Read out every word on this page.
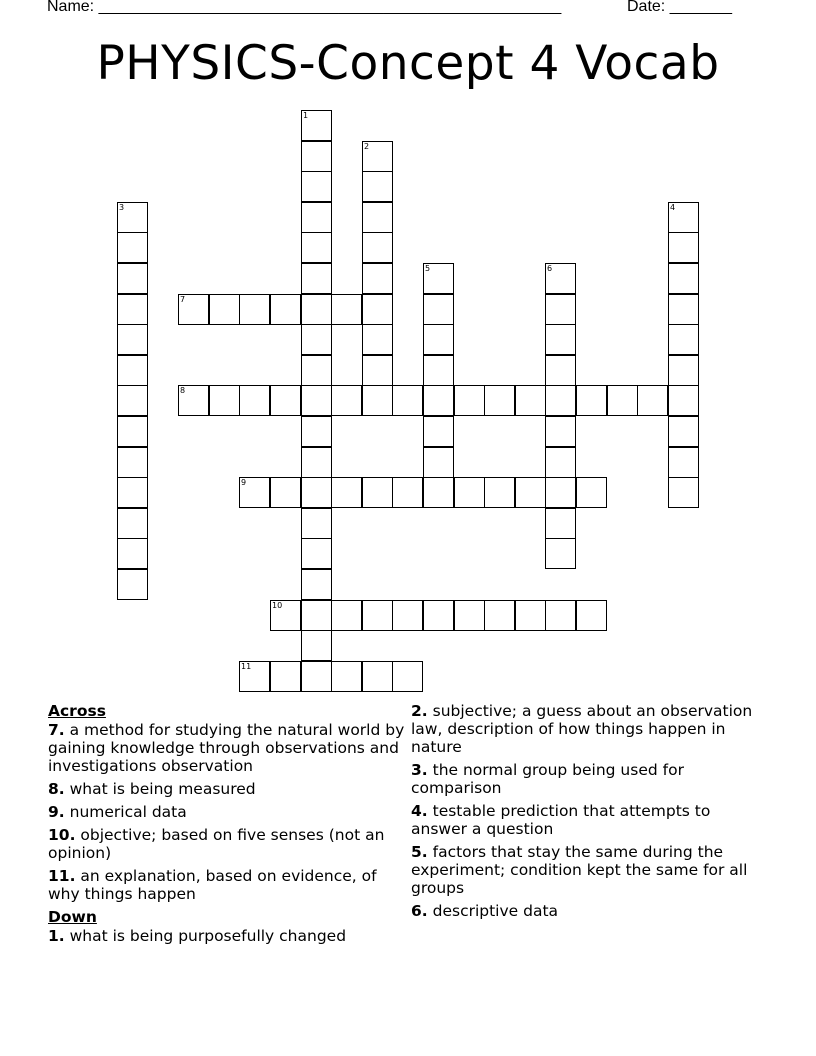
Name: ____________________________________________________	Date: _______
PHYSICS-Concept 4 Vocab
1
2
3	4
5	6
7
8
9
10
11
Across
7. a method for studying the natural world by gaining knowledge through observations and investigations observation
8. what is being measured
9. numerical data
10. objective; based on five senses (not an opinion)
11. an explanation, based on evidence, of why things happen
Down
1. what is being purposefully changed
2. subjective; a guess about an observation law, description of how things happen in nature
3. the normal group being used for comparison
4. testable prediction that attempts to answer a question
5. factors that stay the same during the experiment; condition kept the same for all groups
6. descriptive data
